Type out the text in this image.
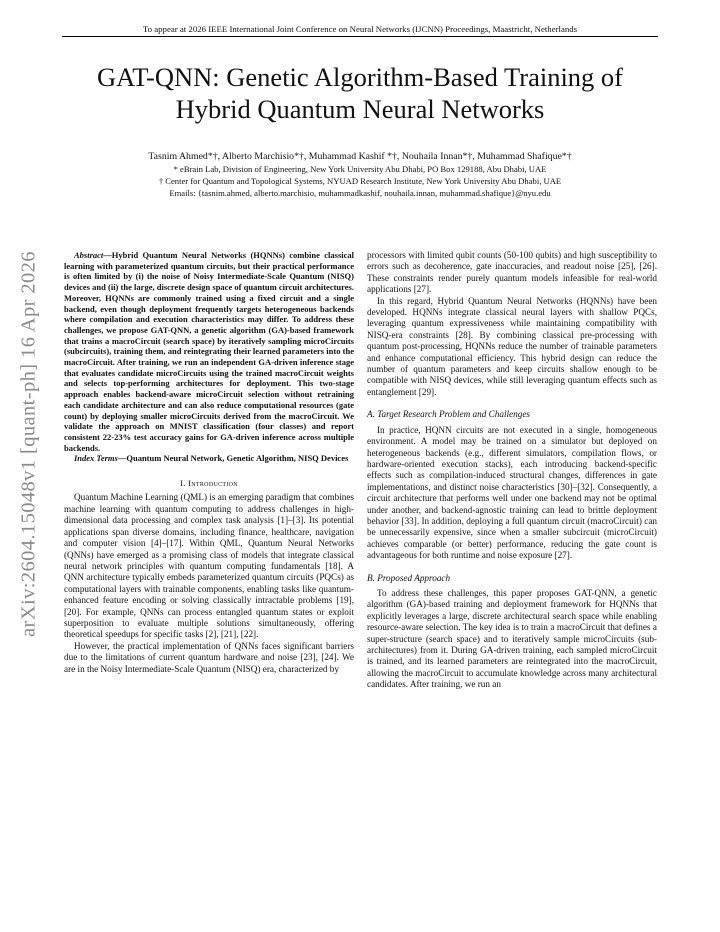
To appear at 2026 IEEE International Joint Conference on Neural Networks (IJCNN) Proceedings, Maastricht, Netherlands
GAT-QNN: Genetic Algorithm-Based Training of
Hybrid Quantum Neural Networks
Tasnim Ahmed*†, Alberto Marchisio*†, Muhammad Kashif *†, Nouhaila Innan*†, Muhammad Shafique*†
* eBrain Lab, Division of Engineering, New York University Abu Dhabi, PO Box 129188, Abu Dhabi, UAE
† Center for Quantum and Topological Systems, NYUAD Research Institute, New York University Abu Dhabi, UAE
Emails: {tasnim.ahmed, alberto.marchisio, muhammadkashif, nouhaila.innan, muhammad.shafique}@nyu.edu
arXiv:2604.15048v1 [quant-ph] 16 Apr 2026	Abstract—Hybrid Quantum Neural Networks (HQNNs) combine classical learning with parameterized quantum circuits, but their practical performance is often limited by (i) the noise of Noisy Intermediate-Scale Quantum (NISQ) devices and (ii) the large, discrete design space of quantum circuit architectures. Moreover, HQNNs are commonly trained using a fixed circuit and a single backend, even though deployment frequently targets heterogeneous backends where compilation and execution characteristics may differ. To address these challenges, we propose GAT-QNN, a genetic algorithm (GA)-based framework that trains a macroCircuit (search space) by iteratively sampling microCircuits (subcircuits), training them, and reintegrating their learned parameters into the macroCircuit. After training, we run an independent GA-driven inference stage that evaluates candidate microCircuits using the trained macroCircuit weights and selects top-performing architectures for deployment. This two-stage approach enables backend-aware microCircuit selection without retraining each candidate architecture and can also reduce computational resources (gate count) by deploying smaller microCircuits derived from the macroCircuit. We validate the approach on MNIST classification (four classes) and report consistent 22-23% test accuracy gains for GA-driven inference across multiple backends.

Index Terms—Quantum Neural Network, Genetic Algorithm, NISQ Devices

I. Introduction

Quantum Machine Learning (QML) is an emerging paradigm that combines machine learning with quantum computing to address challenges in high-dimensional data processing and complex task analysis [1]–[3]. Its potential applications span diverse domains, including finance, healthcare, navigation and computer vision [4]–[17]. Within QML, Quantum Neural Networks (QNNs) have emerged as a promising class of models that integrate classical neural network principles with quantum computing fundamentals [18]. A QNN architecture typically embeds parameterized quantum circuits (PQCs) as computational layers with trainable components, enabling tasks like quantum-enhanced feature encoding or solving classically intractable problems [19], [20]. For example, QNNs can process entangled quantum states or exploit superposition to evaluate multiple solutions simultaneously, offering theoretical speedups for specific tasks [2], [21], [22].

However, the practical implementation of QNNs faces significant barriers due to the limitations of current quantum hardware and noise [23], [24]. We are in the Noisy Intermediate-Scale Quantum (NISQ) era, characterized by

processors with limited qubit counts (50-100 qubits) and high susceptibility to errors such as decoherence, gate inaccuracies, and readout noise [25], [26]. These constraints render purely quantum models infeasible for real-world applications [27].

In this regard, Hybrid Quantum Neural Networks (HQNNs) have been developed. HQNNs integrate classical neural layers with shallow PQCs, leveraging quantum expressiveness while maintaining compatibility with NISQ-era constraints [28]. By combining classical pre-processing with quantum post-processing, HQNNs reduce the number of trainable parameters and enhance computational efficiency. This hybrid design can reduce the number of quantum parameters and keep circuits shallow enough to be compatible with NISQ devices, while still leveraging quantum effects such as entanglement [29].

A. Target Research Problem and Challenges

In practice, HQNN circuits are not executed in a single, homogeneous environment. A model may be trained on a simulator but deployed on heterogeneous backends (e.g., different simulators, compilation flows, or hardware-oriented execution stacks), each introducing backend-specific effects such as compilation-induced structural changes, differences in gate implementations, and distinct noise characteristics [30]–[32]. Consequently, a circuit architecture that performs well under one backend may not be optimal under another, and backend-agnostic training can lead to brittle deployment behavior [33]. In addition, deploying a full quantum circuit (macroCircuit) can be unnecessarily expensive, since when a smaller subcircuit (microCircuit) achieves comparable (or better) performance, reducing the gate count is advantageous for both runtime and noise exposure [27].

B. Proposed Approach

To address these challenges, this paper proposes GAT-QNN, a genetic algorithm (GA)-based training and deployment framework for HQNNs that explicitly leverages a large, discrete architectural search space while enabling resource-aware selection. The key idea is to train a macroCircuit that defines a super-structure (search space) and to iteratively sample microCircuits (sub-architectures) from it. During GA-driven training, each sampled microCircuit is trained, and its learned parameters are reintegrated into the macroCircuit, allowing the macroCircuit to accumulate knowledge across many architectural candidates. After training, we run an
